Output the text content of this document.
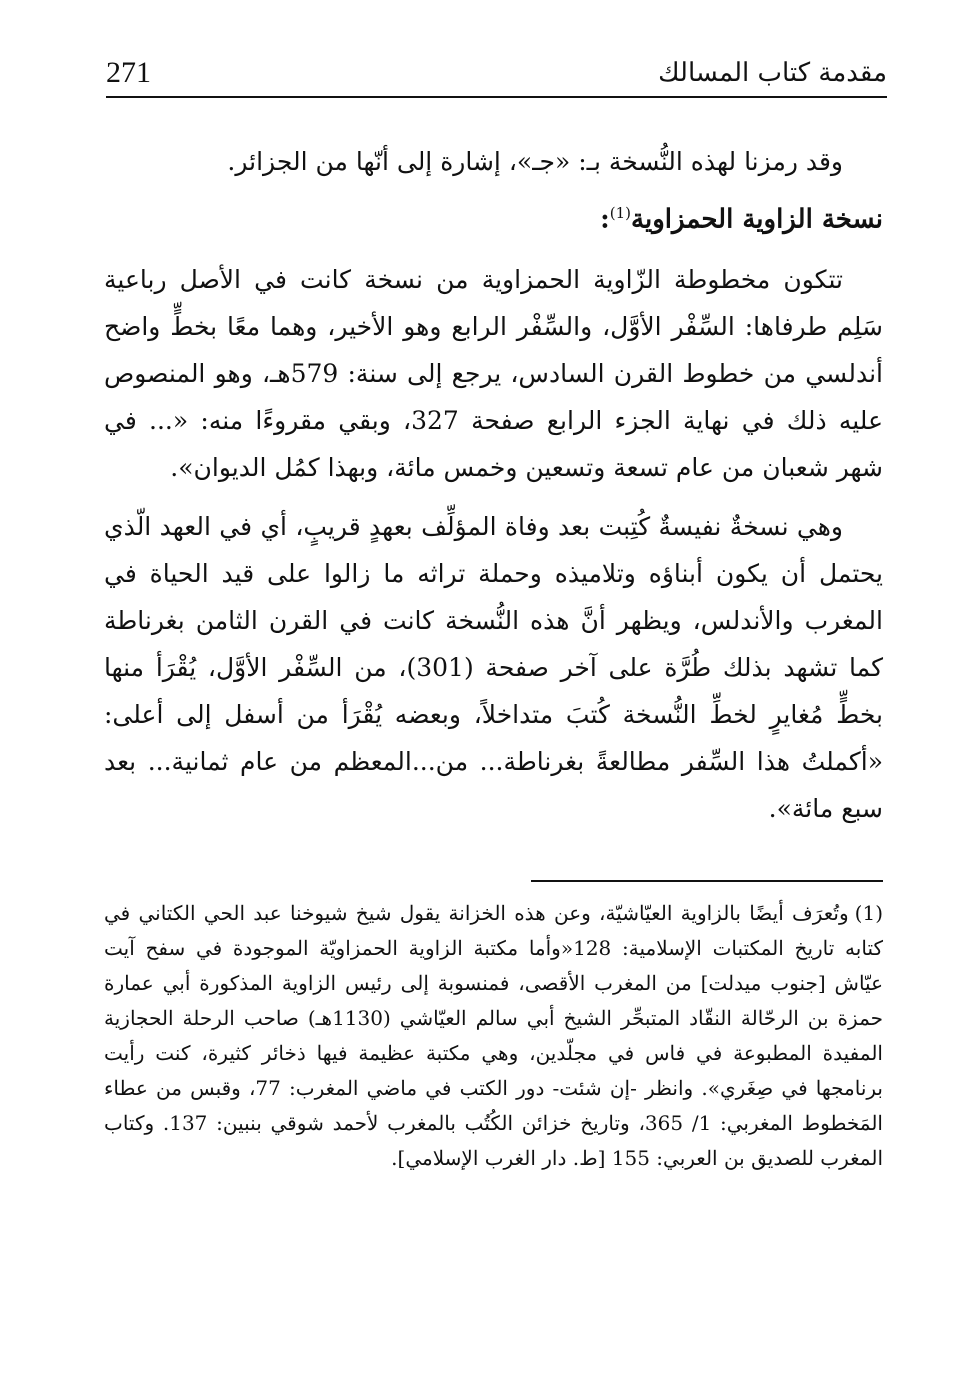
مقدمة كتاب المسالك
271

وقد رمزنا لهذه النُّسخة بـ: «جـ»، إشارة إلى أنّها من الجزائر.

نسخة الزاوية الحمزاوية$^{(1)}$:

تتكون مخطوطة الزّاوية الحمزاوية من نسخة كانت في الأصل رباعية سَلِم طرفاها: السِّفْر الأوَّل، والسِّفْر الرابع وهو الأخير، وهما معًا بخطٍّ واضح أندلسي من خطوط القرن السادس، يرجع إلى سنة: 579هـ، وهو المنصوص عليه ذلك في نهاية الجزء الرابع صفحة 327، وبقي مقروءًا منه: «... في شهر شعبان من عام تسعة وتسعين وخمس مائة، وبهذا كمُل الديوان».

وهي نسخةٌ نفيسةٌ كُتِبت بعد وفاة المؤلِّف بعهدٍ قريبٍ، أي في العهد الّذي يحتمل أن يكون أبناؤه وتلاميذه وحملة تراثه ما زالوا على قيد الحياة في المغرب والأندلس، ويظهر أنَّ هذه النُّسخة كانت في القرن الثامن بغرناطة كما تشهد بذلك طُرَّة على آخر صفحة (301)، من السِّفْر الأوَّل، يُقْرَأ منها بخطٍّ مُغايرٍ لخطِّ النُّسخة كُتبَ متداخلاً، وبعضه يُقْرَأ من أسفل إلى أعلى: «أكملتُ هذا السِّفر مطالعةً بغرناطة... من...المعظم من عام ثمانية... بعد سبع مائة».

(1)وتُعرَف أيضًا بالزاوية العيّاشيّة، وعن هذه الخزانة يقول شيخ شيوخنا عبد الحي الكتاني في كتابه تاريخ المكتبات الإسلامية: 128«وأما مكتبة الزاوية الحمزاويّة الموجودة في سفح آيت عيّاش [جنوب ميدلت] من المغرب الأقصى، فمنسوبة إلى رئيس الزاوية المذكورة أبي عمارة حمزة بن الرحّالة النقّاد المتبحِّر الشيخ أبي سالم العيّاشي (1130هـ) صاحب الرحلة الحجازية المفيدة المطبوعة في فاس في مجلّدين، وهي مكتبة عظيمة فيها ذخائر كثيرة، كنت رأيت برنامجها في صِغَري». وانظر -إن شئت- دور الكتب في ماضي المغرب: 77، وقبس من عطاء المَخطوط المغربي: 1/ 365، وتاريخ خزائن الكُتُب بالمغرب لأحمد شوقي بنبين: 137. وكتاب المغرب للصديق بن العربي: 155 [ط. دار الغرب الإسلامي].
